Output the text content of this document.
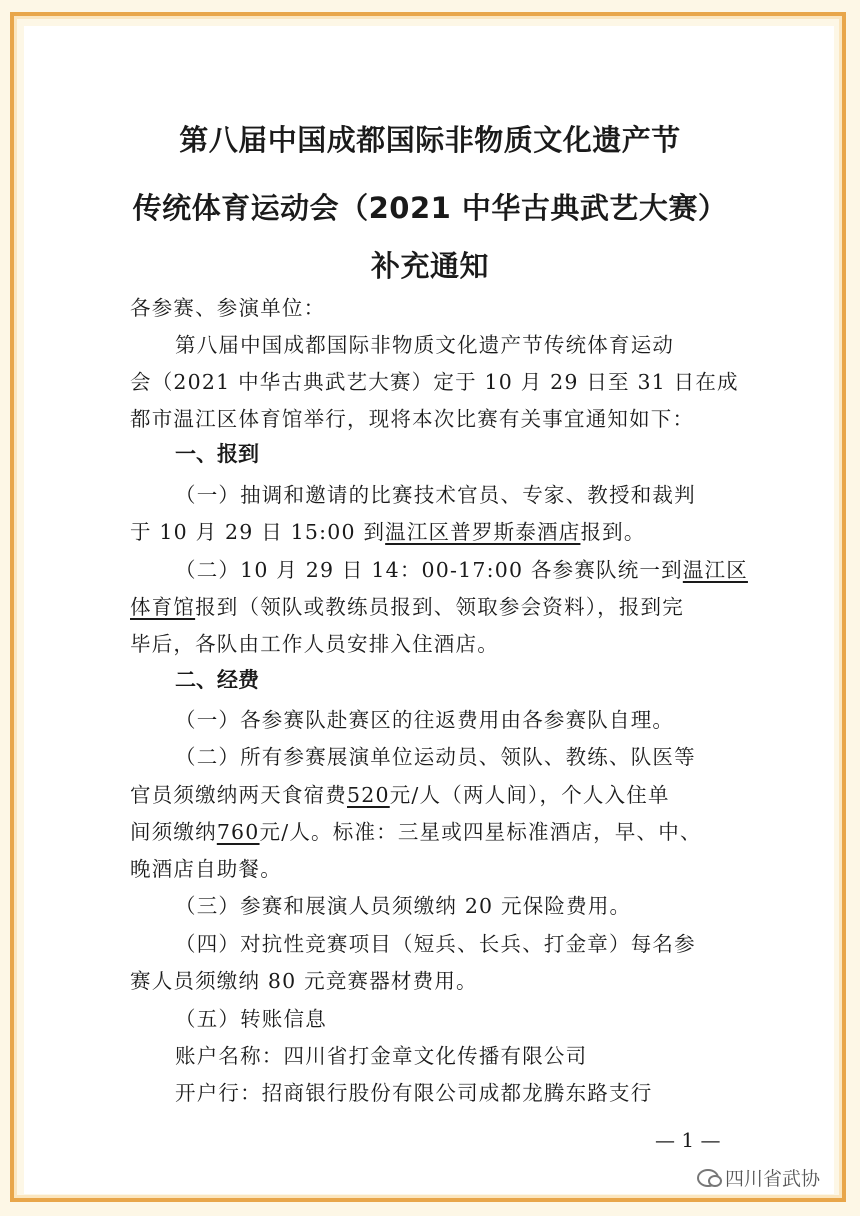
第八届中国成都国际非物质文化遗产节
传统体育运动会（2021 中华古典武艺大赛）
补充通知
各参赛、参演单位：
第八届中国成都国际非物质文化遗产节传统体育运动
会（2021 中华古典武艺大赛）定于 10 月 29 日至 31 日在成
都市温江区体育馆举行，现将本次比赛有关事宜通知如下：
一、报到
（一）抽调和邀请的比赛技术官员、专家、教授和裁判
于 10 月 29 日 15:00 到温江区普罗斯泰酒店报到。
（二）10 月 29 日 14：00-17:00 各参赛队统一到温江区
体育馆报到（领队或教练员报到、领取参会资料），报到完
毕后，各队由工作人员安排入住酒店。
二、经费
（一）各参赛队赴赛区的往返费用由各参赛队自理。
（二）所有参赛展演单位运动员、领队、教练、队医等
官员须缴纳两天食宿费520元/人（两人间），个人入住单
间须缴纳760元/人。标准：三星或四星标准酒店，早、中、
晚酒店自助餐。
（三）参赛和展演人员须缴纳 20 元保险费用。
（四）对抗性竞赛项目（短兵、长兵、打金章）每名参
赛人员须缴纳 80 元竞赛器材费用。
（五）转账信息
账户名称：四川省打金章文化传播有限公司
开户行：招商银行股份有限公司成都龙腾东路支行
— 1 —
四川省武协
